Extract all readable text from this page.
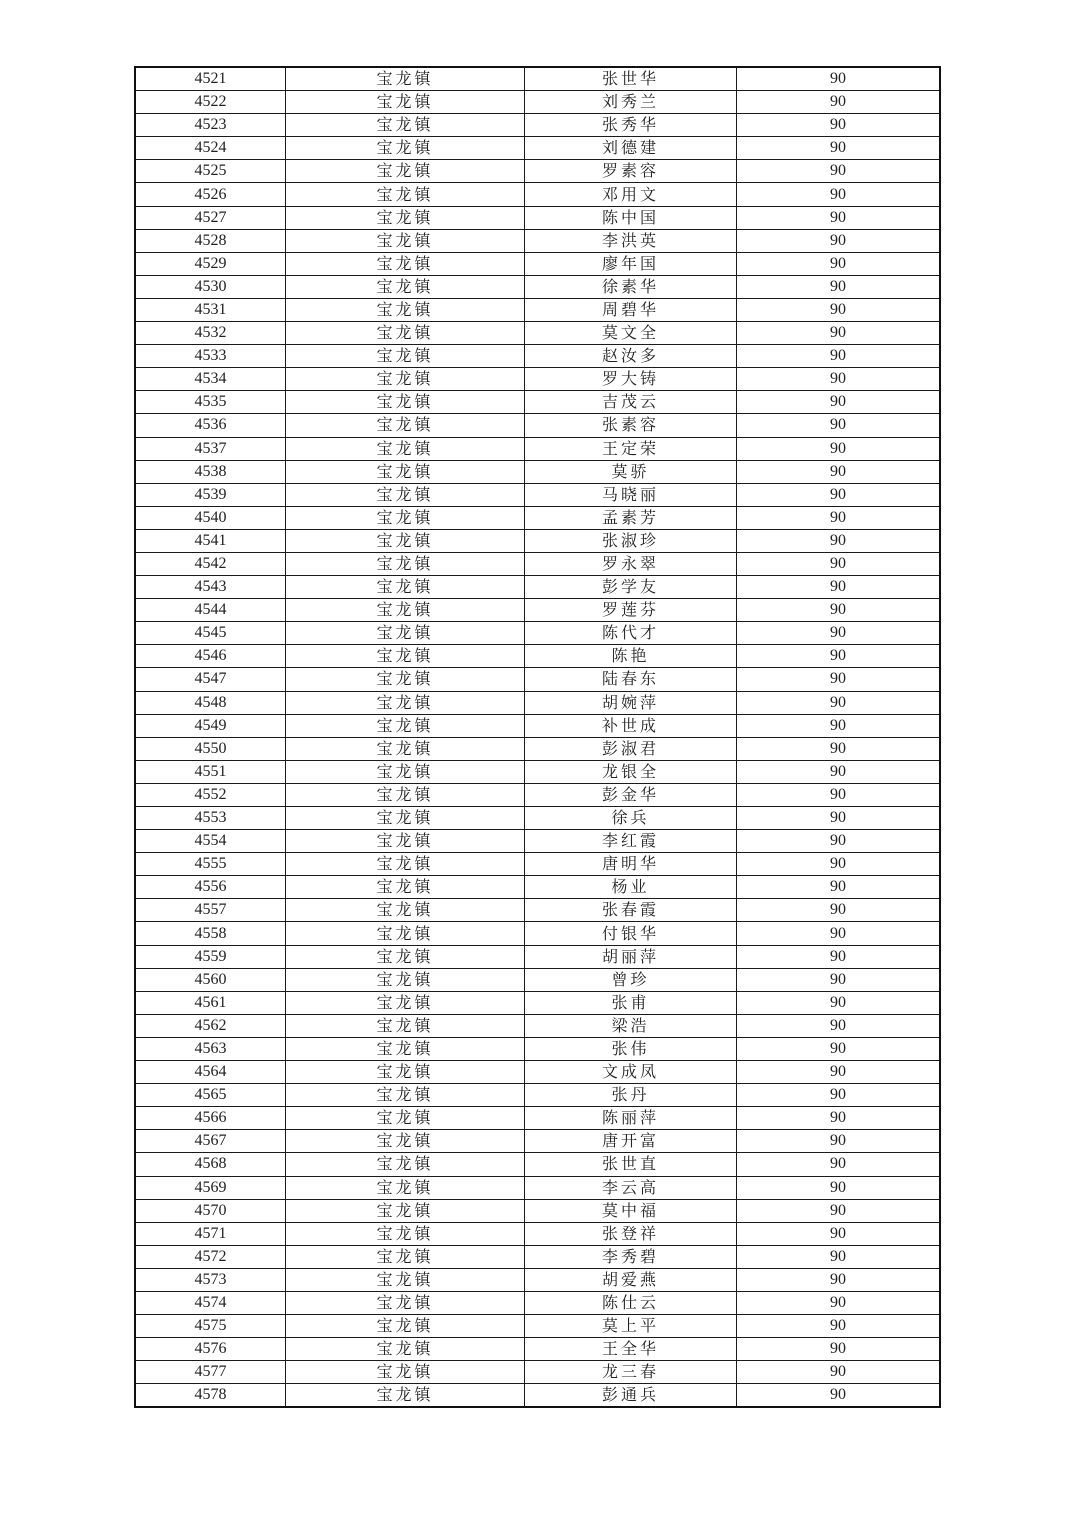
4521	宝龙镇	张世华	90
4522	宝龙镇	刘秀兰	90
4523	宝龙镇	张秀华	90
4524	宝龙镇	刘德建	90
4525	宝龙镇	罗素容	90
4526	宝龙镇	邓用文	90
4527	宝龙镇	陈中国	90
4528	宝龙镇	李洪英	90
4529	宝龙镇	廖年国	90
4530	宝龙镇	徐素华	90
4531	宝龙镇	周碧华	90
4532	宝龙镇	莫文全	90
4533	宝龙镇	赵汝多	90
4534	宝龙镇	罗大铸	90
4535	宝龙镇	吉茂云	90
4536	宝龙镇	张素容	90
4537	宝龙镇	王定荣	90
4538	宝龙镇	莫骄	90
4539	宝龙镇	马晓丽	90
4540	宝龙镇	孟素芳	90
4541	宝龙镇	张淑珍	90
4542	宝龙镇	罗永翠	90
4543	宝龙镇	彭学友	90
4544	宝龙镇	罗莲芬	90
4545	宝龙镇	陈代才	90
4546	宝龙镇	陈艳	90
4547	宝龙镇	陆春东	90
4548	宝龙镇	胡婉萍	90
4549	宝龙镇	补世成	90
4550	宝龙镇	彭淑君	90
4551	宝龙镇	龙银全	90
4552	宝龙镇	彭金华	90
4553	宝龙镇	徐兵	90
4554	宝龙镇	李红霞	90
4555	宝龙镇	唐明华	90
4556	宝龙镇	杨业	90
4557	宝龙镇	张春霞	90
4558	宝龙镇	付银华	90
4559	宝龙镇	胡丽萍	90
4560	宝龙镇	曾珍	90
4561	宝龙镇	张甫	90
4562	宝龙镇	梁浩	90
4563	宝龙镇	张伟	90
4564	宝龙镇	文成凤	90
4565	宝龙镇	张丹	90
4566	宝龙镇	陈丽萍	90
4567	宝龙镇	唐开富	90
4568	宝龙镇	张世直	90
4569	宝龙镇	李云高	90
4570	宝龙镇	莫中福	90
4571	宝龙镇	张登祥	90
4572	宝龙镇	李秀碧	90
4573	宝龙镇	胡爱燕	90
4574	宝龙镇	陈仕云	90
4575	宝龙镇	莫上平	90
4576	宝龙镇	王全华	90
4577	宝龙镇	龙三春	90
4578	宝龙镇	彭通兵	90
